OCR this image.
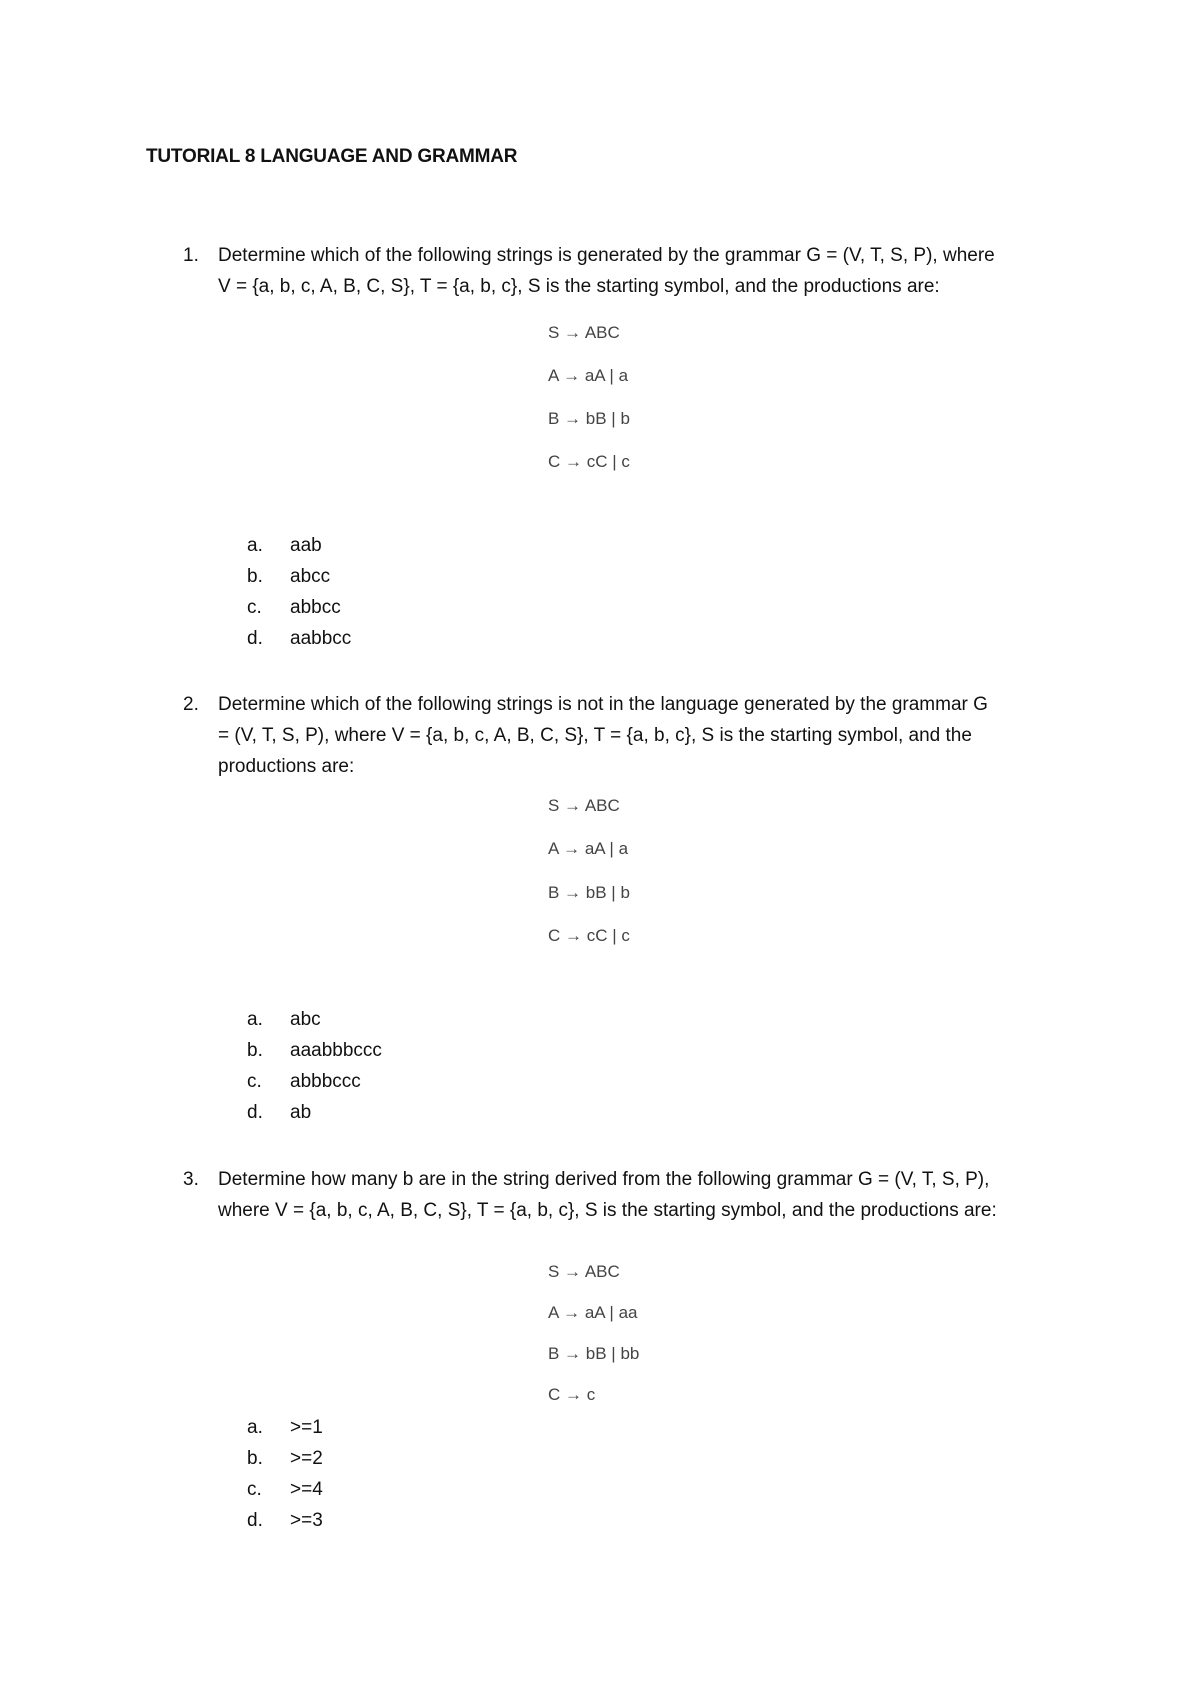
TUTORIAL 8 LANGUAGE AND GRAMMAR
1. Determine which of the following strings is generated by the grammar G = (V, T, S, P), where
V = {a, b, c, A, B, C, S}, T = {a, b, c}, S is the starting symbol, and the productions are:
S → ABC
A → aA | a
B → bB | b
C → cC | c
a. aab
b. abcc
c. abbcc
d. aabbcc
2. Determine which of the following strings is not in the language generated by the grammar G
= (V, T, S, P), where V = {a, b, c, A, B, C, S}, T = {a, b, c}, S is the starting symbol, and the
productions are:
S → ABC
A → aA | a
B → bB | b
C → cC | c
a. abc
b. aaabbbccc
c. abbbccc
d. ab
3. Determine how many b are in the string derived from the following grammar G = (V, T, S, P),
where V = {a, b, c, A, B, C, S}, T = {a, b, c}, S is the starting symbol, and the productions are:
S → ABC
A → aA | aa
B → bB | bb
C → c
a. >=1
b. >=2
c. >=4
d. >=3
